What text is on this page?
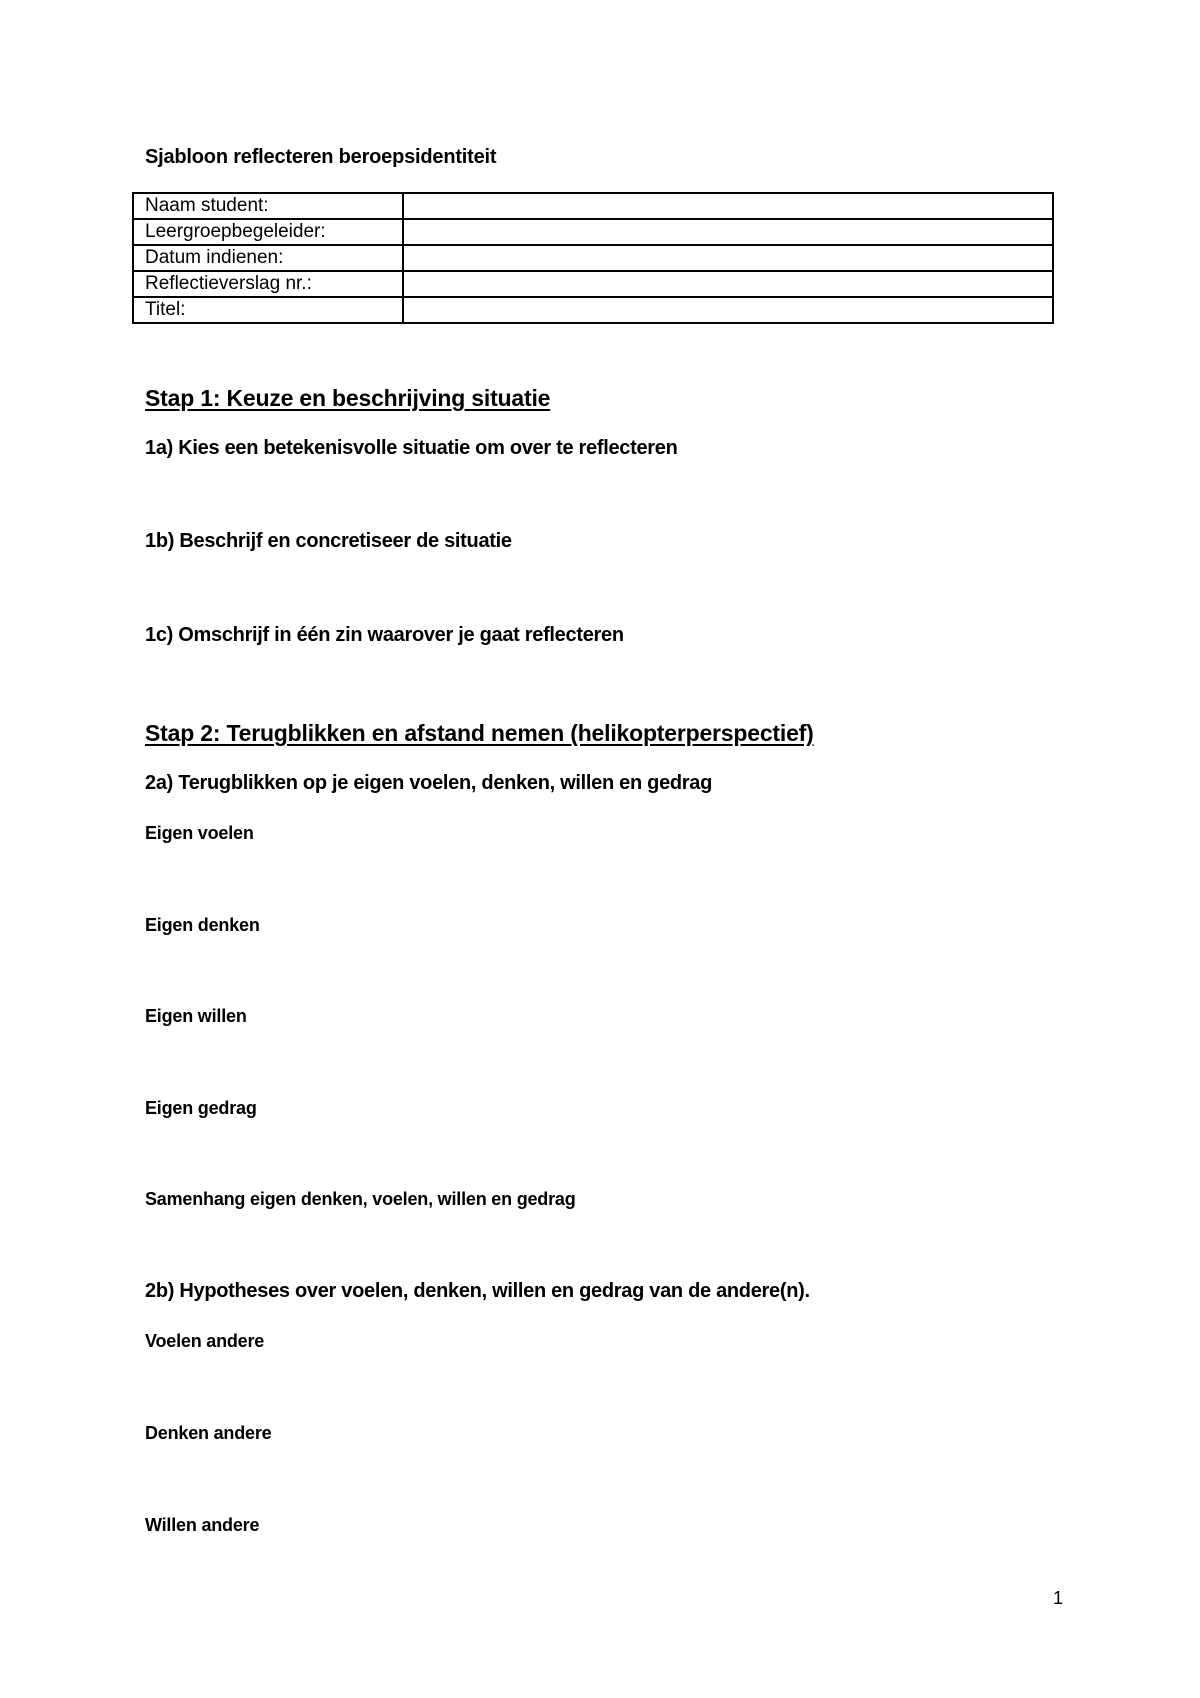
Sjabloon reflecteren beroepsidentiteit
Naam student:	
Leergroepbegeleider:	
Datum indienen:	
Reflectieverslag nr.:	
Titel:	
Stap 1: Keuze en beschrijving situatie
1a) Kies een betekenisvolle situatie om over te reflecteren
1b) Beschrijf en concretiseer de situatie
1c) Omschrijf in één zin waarover je gaat reflecteren
Stap 2: Terugblikken en afstand nemen (helikopterperspectief)
2a) Terugblikken op je eigen voelen, denken, willen en gedrag
Eigen voelen
Eigen denken
Eigen willen
Eigen gedrag
Samenhang eigen denken, voelen, willen en gedrag
2b) Hypotheses over voelen, denken, willen en gedrag van de andere(n).
Voelen andere
Denken andere
Willen andere
1
